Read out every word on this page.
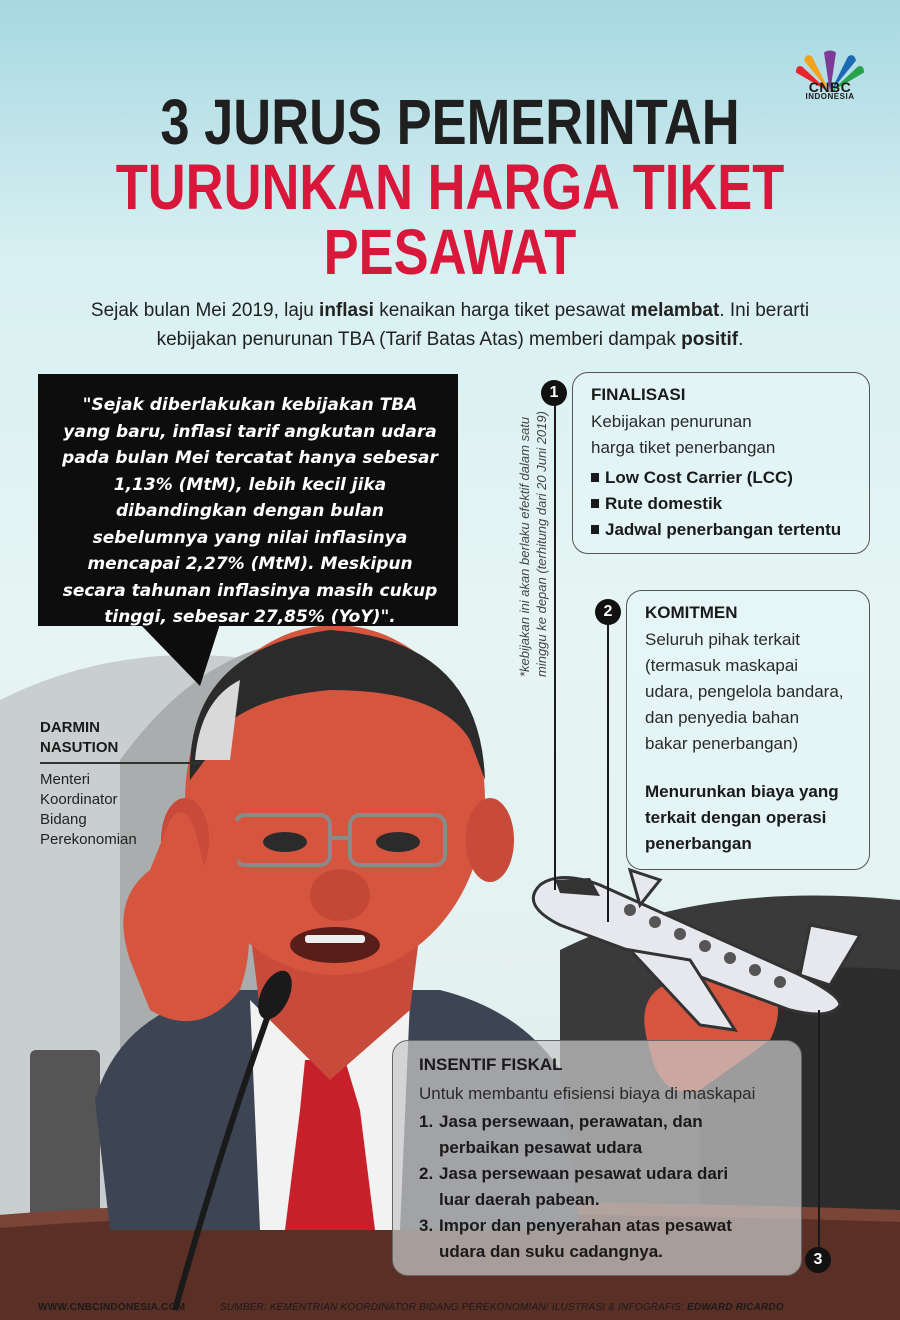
CNBC
INDONESIA
3 JURUS PEMERINTAH
TURUNKAN HARGA TIKET
PESAWAT
Sejak bulan Mei 2019, laju inflasi kenaikan harga tiket pesawat melambat. Ini berarti kebijakan penurunan TBA (Tarif Batas Atas) memberi dampak positif.
"Sejak diberlakukan kebijakan TBA yang baru, inflasi tarif angkutan udara pada bulan Mei tercatat hanya sebesar 1,13% (MtM), lebih kecil jika dibandingkan dengan bulan sebelumnya yang nilai inflasinya mencapai 2,27% (MtM). Meskipun secara tahunan inflasinya masih cukup tinggi, sebesar 27,85% (YoY)".	*kebijakan ini akan berlaku efektif dalam satu minggu ke depan (terhitung dari 20 Juni 2019)
1	FINALISASI
Kebijakan penurunan
harga tiket penerbangan
Low Cost Carrier (LCC)
Rute domestik
Jadwal penerbangan tertentu
2	KOMITMEN
Seluruh pihak terkait
(termasuk maskapai
udara, pengelola bandara,
dan penyedia bahan
bakar penerbangan)
Menurunkan biaya yang
terkait dengan operasi
penerbangan
INSENTIF FISKAL
Untuk membantu efisiensi biaya di maskapai
1. Jasa persewaan, perawatan, dan
perbaikan pesawat udara
2. Jasa persewaan pesawat udara dari
luar daerah pabean.
3. Impor dan penyerahan atas pesawat
udara dan suku cadangnya.	3
DARMIN
NASUTION
Menteri
Koordinator
Bidang
Perekonomian
WWW.CNBCINDONESIA.COM	SUMBER: KEMENTRIAN KOORDINATOR BIDANG PEREKONOMIAN/ ILUSTRASI & INFOGRAFIS: EDWARD RICARDO
